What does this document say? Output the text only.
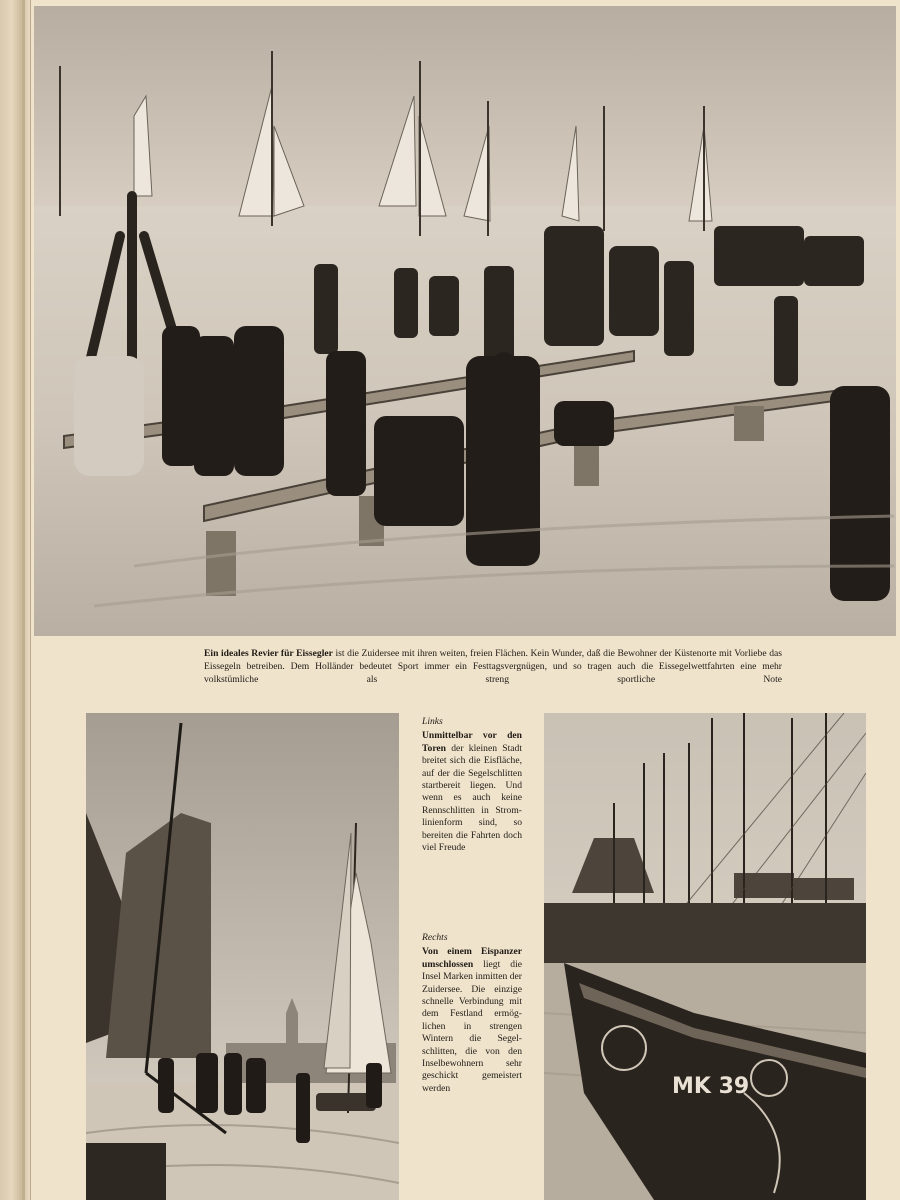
Ein ideales Revier für Eissegler ist die Zuidersee mit ihren weiten, freien Flächen. Kein Wunder, daß die Bewohner der Küstenorte mit Vorliebe das Eissegeln betreiben. Dem Holländer bedeutet Sport immer ein Festtagsvergnügen, und so tragen auch die Eissegelwettfahrten eine mehr volkstümliche als streng sportliche Note
Links
Unmittelbar vor den Toren der kleinen Stadt breitet sich die Eisfläche, auf der die Segelschlitten startbereit liegen. Und wenn es auch keine Rennschlitten in Stromlinienform sind, so bereiten die Fahrten doch viel Freude
Rechts
Von einem Eispanzer umschlossen liegt die Insel Marken inmitten der Zuidersee. Die einzige schnelle Verbindung mit dem Festland ermöglichen in strengen Wintern die Segelschlitten, die von den Inselbewohnern sehr geschickt gemeistert werden	MK 39
